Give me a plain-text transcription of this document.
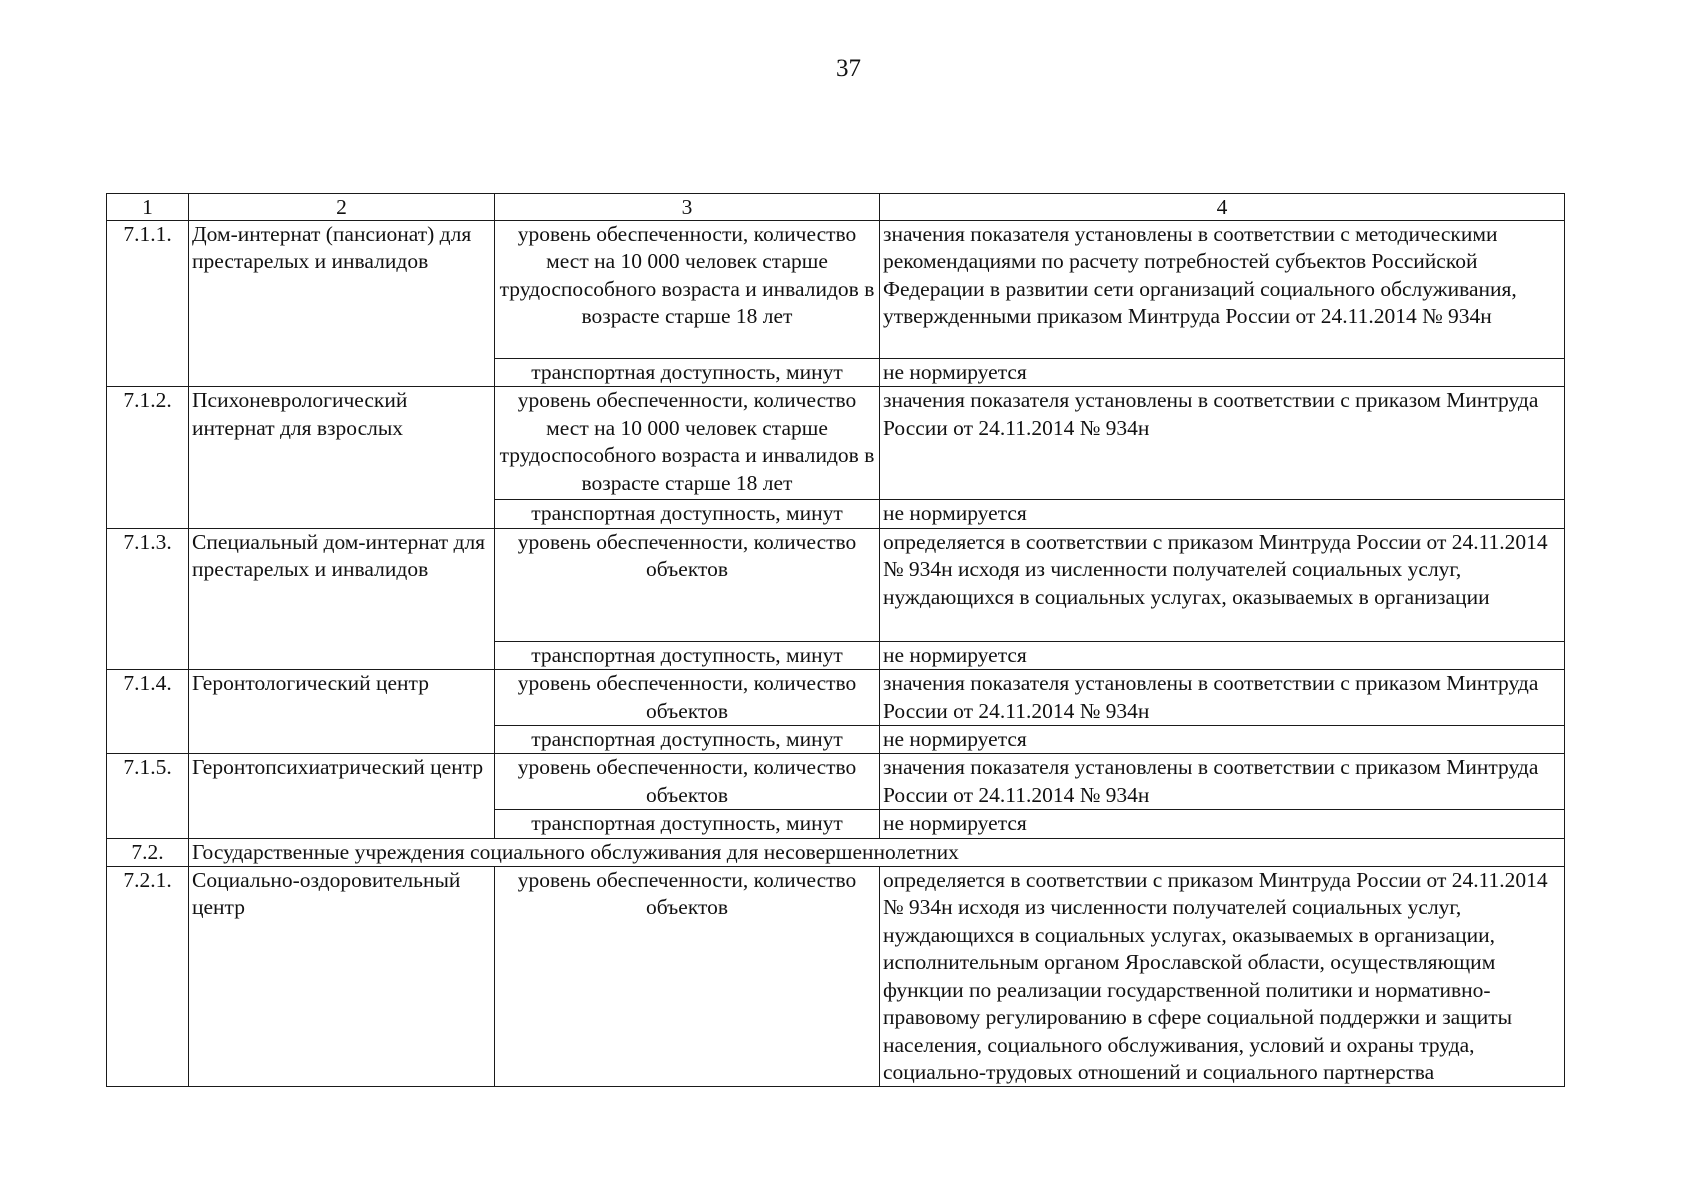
37
1	2	3	4
7.1.1.	Дом-интернат (пансионат) для престарелых и инвалидов	уровень обеспеченности, количество мест на 10 000 человек старше трудоспособного возраста и инвалидов в возрасте старше 18 лет	значения показателя установлены в соответствии с методическими рекомендациями по расчету потребностей субъектов Российской Федерации в развитии сети организаций социального обслуживания, утвержденными приказом Минтруда России от 24.11.2014 № 934н
		транспортная доступность, минут	не нормируется
7.1.2.	Психоневрологический интернат для взрослых	уровень обеспеченности, количество мест на 10 000 человек старше трудоспособного возраста и инвалидов в возрасте старше 18 лет	значения показателя установлены в соответствии с приказом Минтруда России от 24.11.2014 № 934н
		транспортная доступность, минут	не нормируется
7.1.3.	Специальный дом-интернат для престарелых и инвалидов	уровень обеспеченности, количество объектов	определяется в соответствии с приказом Минтруда России от 24.11.2014 № 934н исходя из численности получателей социальных услуг, нуждающихся в социальных услугах, оказываемых в организации
		транспортная доступность, минут	не нормируется
7.1.4.	Геронтологический центр	уровень обеспеченности, количество объектов	значения показателя установлены в соответствии с приказом Минтруда России от 24.11.2014 № 934н
		транспортная доступность, минут	не нормируется
7.1.5.	Геронтопсихиатрический центр	уровень обеспеченности, количество объектов	значения показателя установлены в соответствии с приказом Минтруда России от 24.11.2014 № 934н
		транспортная доступность, минут	не нормируется
7.2.	Государственные учреждения социального обслуживания для несовершеннолетних		
7.2.1.	Социально-оздоровительный центр	уровень обеспеченности, количество объектов	определяется в соответствии с приказом Минтруда России от 24.11.2014 № 934н исходя из численности получателей социальных услуг, нуждающихся в социальных услугах, оказываемых в организации, исполнительным органом Ярославской области, осуществляющим функции по реализации государственной политики и нормативно-правовому регулированию в сфере социальной поддержки и защиты населения, социального обслуживания, условий и охраны труда, социально-трудовых отношений и социального партнерства
